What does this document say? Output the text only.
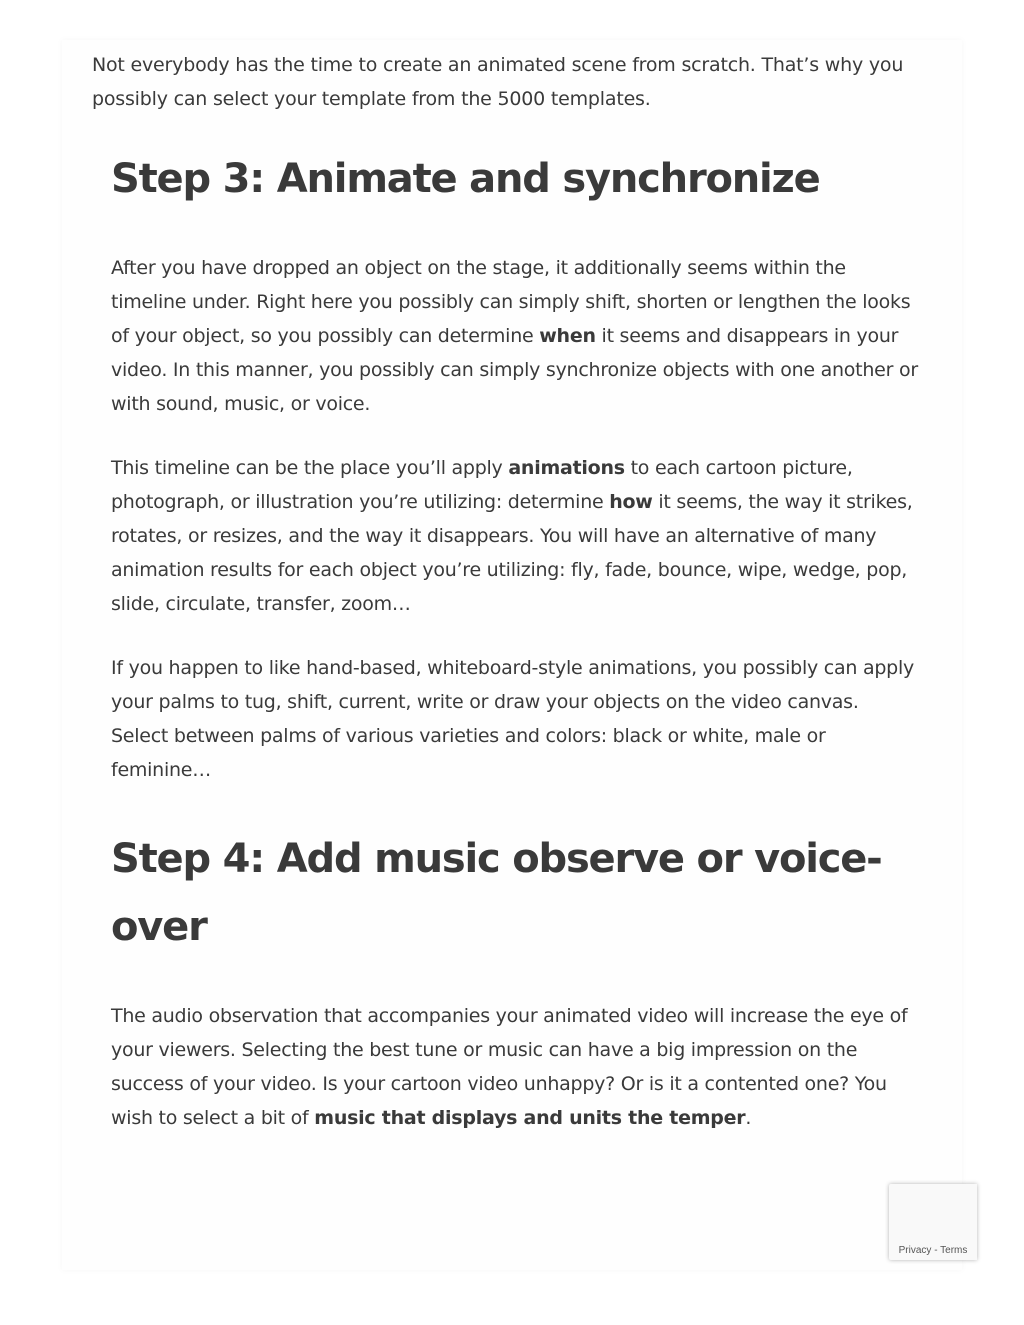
Not everybody has the time to create an animated scene from scratch. That’s why you possibly can select your template from the 5000 templates.

Step 3: Animate and synchronize

After you have dropped an object on the stage, it additionally seems within the timeline under. Right here you possibly can simply shift, shorten or lengthen the looks of your object, so you possibly can determine when it seems and disappears in your video. In this manner, you possibly can simply synchronize objects with one another or with sound, music, or voice.

This timeline can be the place you’ll apply animations to each cartoon picture, photograph, or illustration you’re utilizing: determine how it seems, the way it strikes, rotates, or resizes, and the way it disappears. You will have an alternative of many animation results for each object you’re utilizing: fly, fade, bounce, wipe, wedge, pop, slide, circulate, transfer, zoom…

If you happen to like hand-based, whiteboard-style animations, you possibly can apply your palms to tug, shift, current, write or draw your objects on the video canvas. Select between palms of various varieties and colors: black or white, male or feminine…

Step 4: Add music observe or voice-over

The audio observation that accompanies your animated video will increase the eye of your viewers. Selecting the best tune or music can have a big impression on the success of your video. Is your cartoon video unhappy? Or is it a contented one? You wish to select a bit of music that displays and units the temper.

Privacy - Terms
